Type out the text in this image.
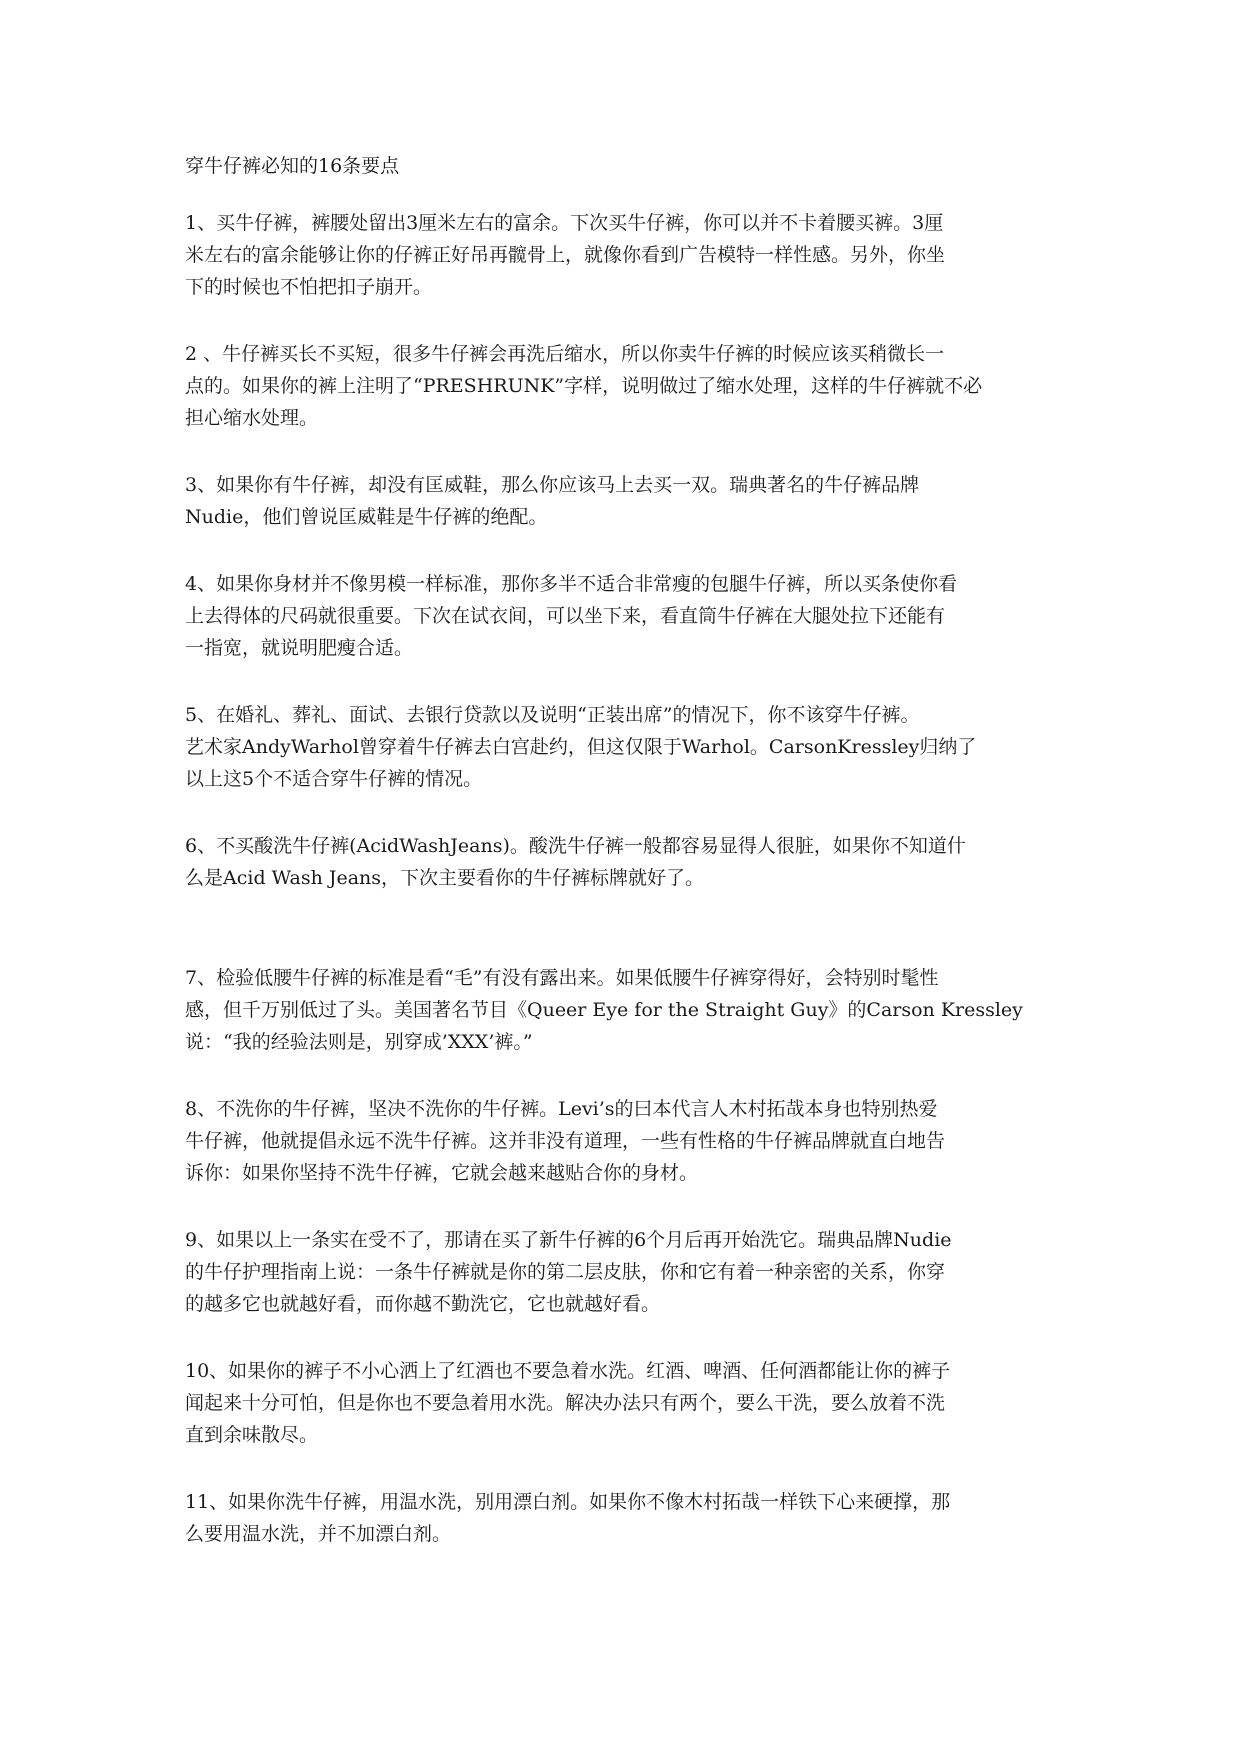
穿牛仔裤必知的16条要点

1、买牛仔裤，裤腰处留出3厘米左右的富余。下次买牛仔裤，你可以并不卡着腰买裤。3厘
米左右的富余能够让你的仔裤正好吊再髋骨上，就像你看到广告模特一样性感。另外，你坐
下的时候也不怕把扣子崩开。

2 、牛仔裤买长不买短，很多牛仔裤会再洗后缩水，所以你卖牛仔裤的时候应该买稍微长一
点的。如果你的裤上注明了“PRESHRUNK”字样，说明做过了缩水处理，这样的牛仔裤就不必
担心缩水处理。

3、如果你有牛仔裤，却没有匡威鞋，那么你应该马上去买一双。瑞典著名的牛仔裤品牌
Nudie，他们曾说匡威鞋是牛仔裤的绝配。

4、如果你身材并不像男模一样标准，那你多半不适合非常瘦的包腿牛仔裤，所以买条使你看
上去得体的尺码就很重要。下次在试衣间，可以坐下来，看直筒牛仔裤在大腿处拉下还能有
一指宽，就说明肥瘦合适。

5、在婚礼、葬礼、面试、去银行贷款以及说明“正装出席”的情况下，你不该穿牛仔裤。
艺术家AndyWarhol曾穿着牛仔裤去白宫赴约，但这仅限于Warhol。CarsonKressley归纳了
以上这5个不适合穿牛仔裤的情况。

6、不买酸洗牛仔裤(AcidWashJeans)。酸洗牛仔裤一般都容易显得人很脏，如果你不知道什
么是Acid Wash Jeans，下次主要看你的牛仔裤标牌就好了。

7、检验低腰牛仔裤的标准是看“毛”有没有露出来。如果低腰牛仔裤穿得好，会特别时髦性
感，但千万别低过了头。美国著名节目《Queer Eye for the Straight Guy》的Carson Kressley
说：“我的经验法则是，别穿成’XXX’裤。”

8、不洗你的牛仔裤，坚决不洗你的牛仔裤。Levi’s的曰本代言人木村拓哉本身也特别热爱
牛仔裤，他就提倡永远不洗牛仔裤。这并非没有道理，一些有性格的牛仔裤品牌就直白地告
诉你：如果你坚持不洗牛仔裤，它就会越来越贴合你的身材。

9、如果以上一条实在受不了，那请在买了新牛仔裤的6个月后再开始洗它。瑞典品牌Nudie
的牛仔护理指南上说：一条牛仔裤就是你的第二层皮肤，你和它有着一种亲密的关系，你穿
的越多它也就越好看，而你越不勤洗它，它也就越好看。

10、如果你的裤子不小心洒上了红酒也不要急着水洗。红酒、啤酒、任何酒都能让你的裤子
闻起来十分可怕，但是你也不要急着用水洗。解决办法只有两个，要么干洗，要么放着不洗
直到余味散尽。

11、如果你洗牛仔裤，用温水洗，别用漂白剂。如果你不像木村拓哉一样铁下心来硬撑，那
么要用温水洗，并不加漂白剂。
